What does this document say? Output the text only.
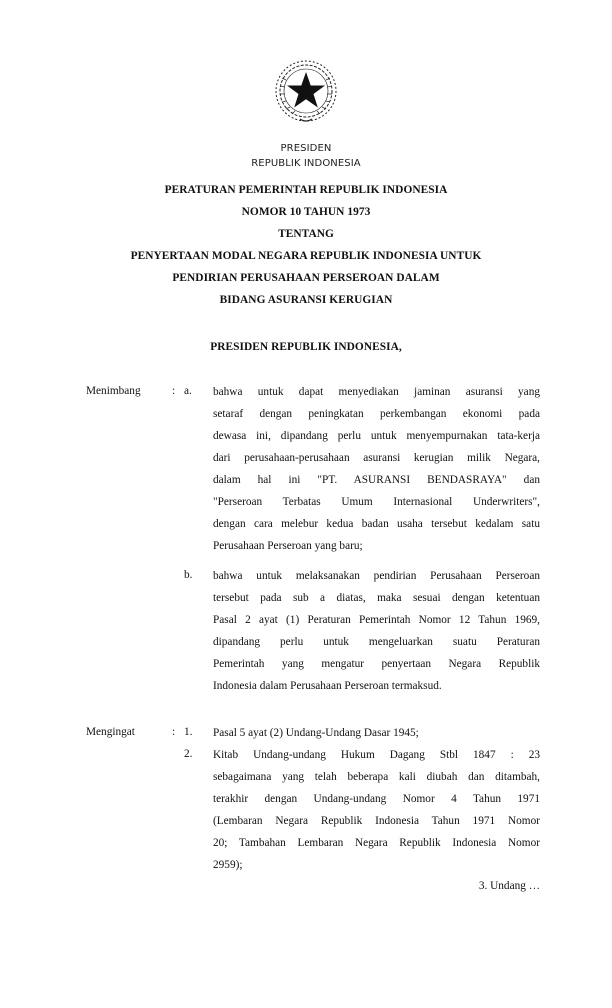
PRESIDEN
REPUBLIK INDONESIA
PERATURAN PEMERINTAH REPUBLIK INDONESIA
NOMOR 10 TAHUN 1973
TENTANG
PENYERTAAN MODAL NEGARA REPUBLIK INDONESIA UNTUK
PENDIRIAN PERUSAHAAN PERSEROAN DALAM
BIDANG ASURANSI KERUGIAN
PRESIDEN REPUBLIK INDONESIA,
Menimbang	: a. bahwa untuk dapat menyediakan jaminan asuransi yang
setaraf dengan peningkatan perkembangan ekonomi pada
dewasa ini, dipandang perlu untuk menyempurnakan tata-kerja
dari perusahaan-perusahaan asuransi kerugian milik Negara,
dalam hal ini "PT. ASURANSI BENDASRAYA" dan
"Perseroan Terbatas Umum Internasional Underwriters",
dengan cara melebur kedua badan usaha tersebut kedalam satu
Perusahaan Perseroan yang baru;
b. bahwa untuk melaksanakan pendirian Perusahaan Perseroan
tersebut pada sub a diatas, maka sesuai dengan ketentuan
Pasal 2 ayat (1) Peraturan Pemerintah Nomor 12 Tahun 1969,
dipandang perlu untuk mengeluarkan suatu Peraturan
Pemerintah yang mengatur penyertaan Negara Republik
Indonesia dalam Perusahaan Perseroan termaksud.
Mengingat	: 1. Pasal 5 ayat (2) Undang-Undang Dasar 1945;
2. Kitab Undang-undang Hukum Dagang Stbl 1847 : 23
sebagaimana yang telah beberapa kali diubah dan ditambah,
terakhir dengan Undang-undang Nomor 4 Tahun 1971
(Lembaran Negara Republik Indonesia Tahun 1971 Nomor
20; Tambahan Lembaran Negara Republik Indonesia Nomor
2959);
3. Undang …
